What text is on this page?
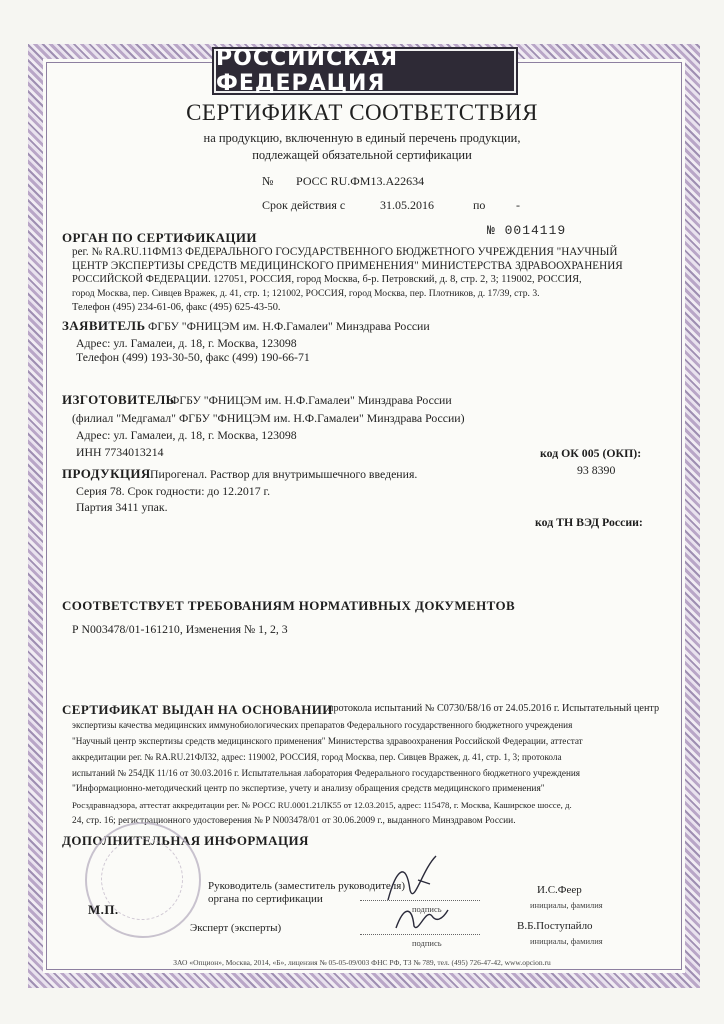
РОССИЙСКАЯ ФЕДЕРАЦИЯ
СЕРТИФИКАТ СООТВЕТСТВИЯ
на продукцию, включенную в единый перечень продукции,
подлежащей обязательной сертификации
№ РОСС RU.ФМ13.А22634
Срок действия с	31.05.2016	по	-
ОРГАН ПО СЕРТИФИКАЦИИ	№ 0014119
рег. № RA.RU.11ФМ13 ФЕДЕРАЛЬНОГО ГОСУДАРСТВЕННОГО БЮДЖЕТНОГО УЧРЕЖДЕНИЯ "НАУЧНЫЙ
ЦЕНТР ЭКСПЕРТИЗЫ СРЕДСТВ МЕДИЦИНСКОГО ПРИМЕНЕНИЯ" МИНИСТЕРСТВА ЗДРАВООХРАНЕНИЯ
РОССИЙСКОЙ ФЕДЕРАЦИИ. 127051, РОССИЯ, город Москва, б-р. Петровский, д. 8, стр. 2, 3; 119002, РОССИЯ,
город Москва, пер. Сивцев Вражек, д. 41, стр. 1; 121002, РОССИЯ, город Москва, пер. Плотников, д. 17/39, стр. 3.
Телефон (495) 234-61-06, факс (495) 625-43-50.
ЗАЯВИТЕЛЬ ФГБУ "ФНИЦЭМ им. Н.Ф.Гамалеи" Минздрава России
Адрес: ул. Гамалеи, д. 18, г. Москва, 123098
Телефон (499) 193-30-50, факс (499) 190-66-71
ИЗГОТОВИТЕЛЬ
ФГБУ "ФНИЦЭМ им. Н.Ф.Гамалеи" Минздрава России
(филиал "Медгамал" ФГБУ "ФНИЦЭМ им. Н.Ф.Гамалеи" Минздрава России)
Адрес: ул. Гамалеи, д. 18, г. Москва, 123098
ИНН 7734013214	код ОК 005 (ОКП):
93 8390
ПРОДУКЦИЯ Пирогенал. Раствор для внутримышечного введения.
Серия 78. Срок годности: до 12.2017 г.
Партия 3411 упак.
код ТН ВЭД России:
СООТВЕТСТВУЕТ ТРЕБОВАНИЯМ НОРМАТИВНЫХ ДОКУМЕНТОВ
Р N003478/01-161210, Изменения № 1, 2, 3
СЕРТИФИКАТ ВЫДАН НА ОСНОВАНИИ
протокола испытаний № С0730/Б8/16 от 24.05.2016 г. Испытательный центр
экспертизы качества медицинских иммунобиологических препаратов Федерального государственного бюджетного учреждения
"Научный центр экспертизы средств медицинского применения" Министерства здравоохранения Российской Федерации, аттестат
аккредитации рег. № RA.RU.21ФЛ32, адрес: 119002, РОССИЯ, город Москва, пер. Сивцев Вражек, д. 41, стр. 1, 3; протокола
испытаний № 254ДК 11/16 от 30.03.2016 г. Испытательная лаборатория Федерального государственного бюджетного учреждения
"Информационно-методический центр по экспертизе, учету и анализу обращения средств медицинского применения"
Росздравнадзора, аттестат аккредитации рег. № РОСС RU.0001.21ЛК55 от 12.03.2015, адрес: 115478, г. Москва, Каширское шоссе, д.
24, стр. 16; регистрационного удостоверения № Р N003478/01 от 30.06.2009 г., выданного Минздравом России.
ДОПОЛНИТЕЛЬНАЯ ИНФОРМАЦИЯ
М.П.
Руководитель (заместитель руководителя)
органа по сертификации
подпись
И.С.Феер
инициалы, фамилия
Эксперт (эксперты)
подпись
В.Б.Поступайло
инициалы, фамилия
ЗАО «Опцион», Москва, 2014, «Б», лицензия № 05-05-09/003 ФНС РФ, ТЗ № 789, тел. (495) 726-47-42, www.opcion.ru
